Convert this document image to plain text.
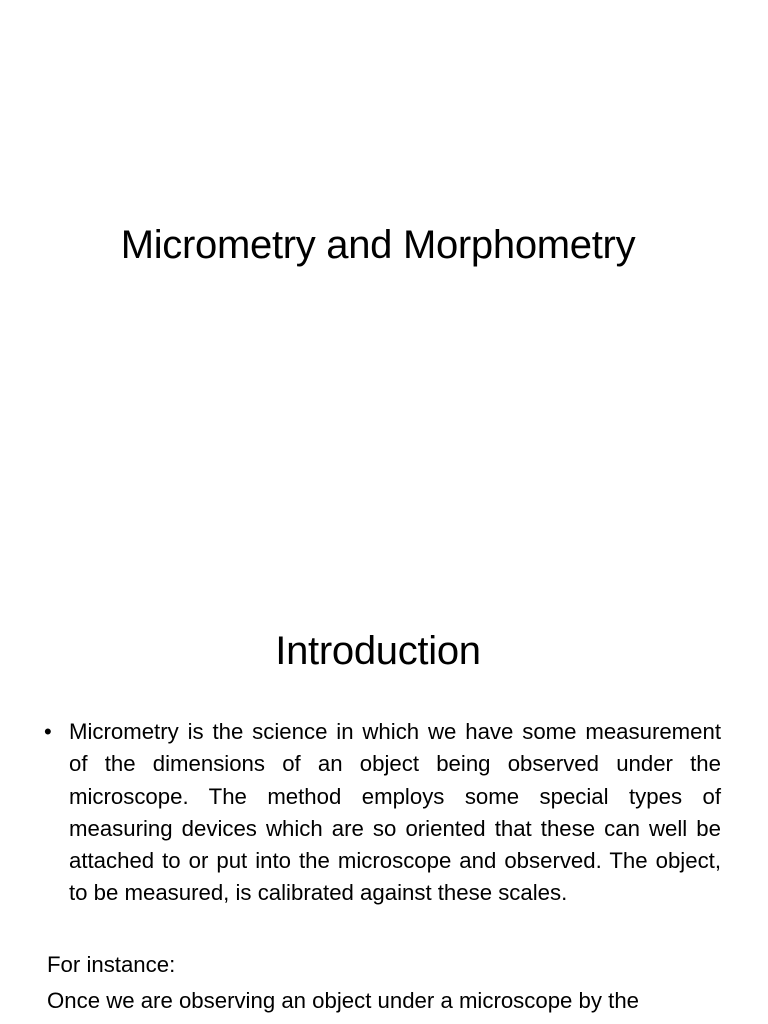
Micrometry and Morphometry
Introduction
• Micrometry is the science in which we have some measurement of the dimensions of an object being observed under the microscope. The method employs some special types of measuring devices which are so oriented that these can well be attached to or put into the microscope and observed. The object, to be measured, is calibrated against these scales.

For instance:

Once we are observing an object under a microscope by the
